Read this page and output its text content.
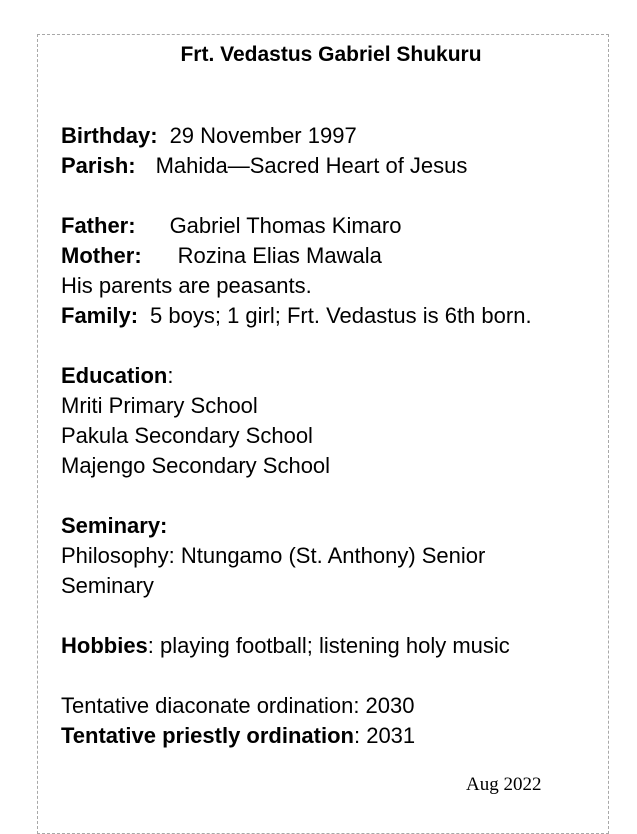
Frt. Vedastus Gabriel Shukuru
Birthday: 29 November 1997
Parish: Mahida—Sacred Heart of Jesus
Father: Gabriel Thomas Kimaro
Mother: Rozina Elias Mawala
His parents are peasants.
Family: 5 boys; 1 girl; Frt. Vedastus is 6th born.
Education:
Mriti Primary School
Pakula Secondary School
Majengo Secondary School
Seminary:
Philosophy: Ntungamo (St. Anthony) Senior
Seminary
Hobbies: playing football; listening holy music
Tentative diaconate ordination: 2030
Tentative priestly ordination: 2031
Aug 2022
